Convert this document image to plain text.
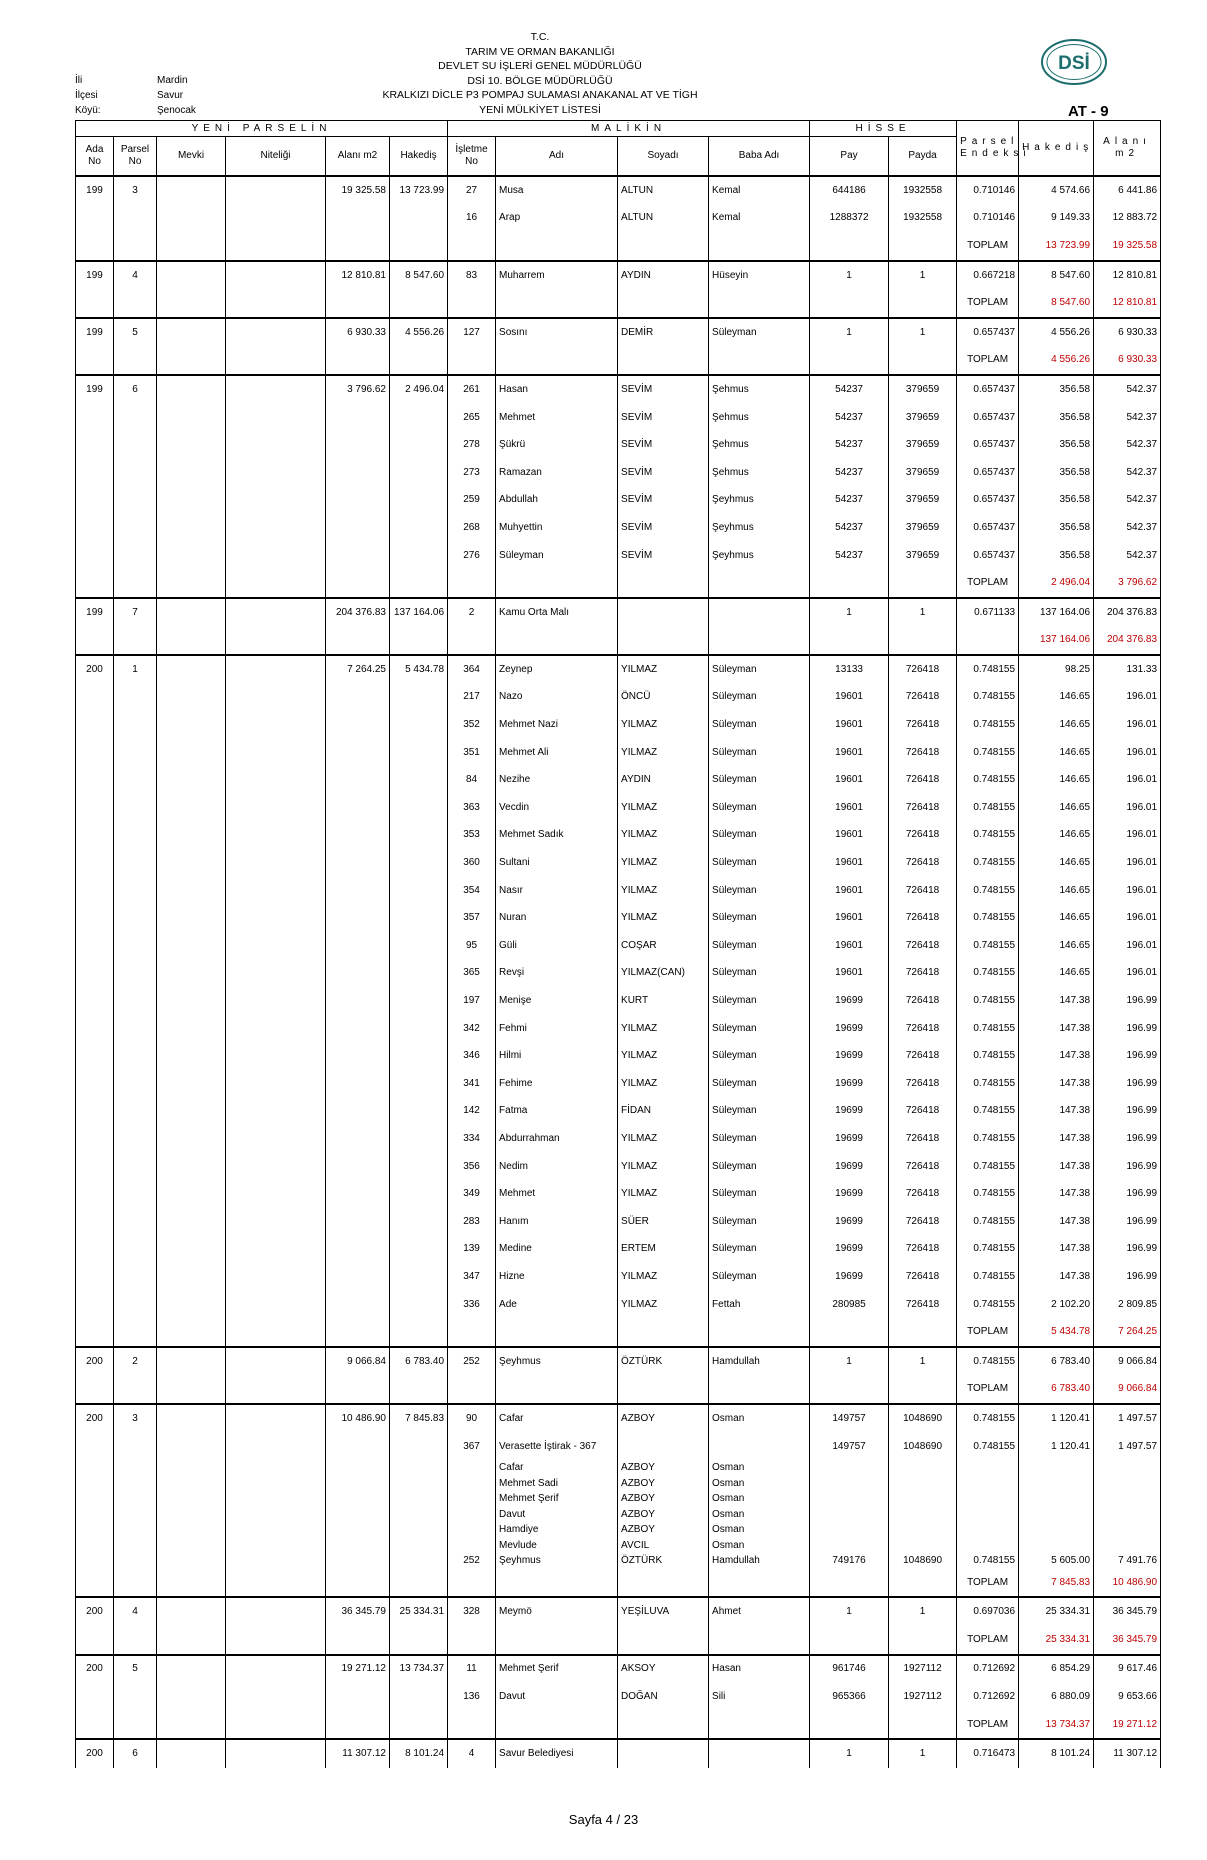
T.C.
TARIM VE ORMAN BAKANLIĞI
DEVLET SU İŞLERİ GENEL MÜDÜRLÜĞÜ
DSİ 10. BÖLGE MÜDÜRLÜĞÜ
KRALKIZI DİCLE P3 POMPAJ SULAMASI ANAKANAL AT VE TİGH
YENİ MÜLKİYET LİSTESİ
İli	Mardin
İlçesi	Savur
Köyü:	Şenocak
DSİ
AT - 9
YENİ PARSELİN						MALİKİN				HİSSE		Parsel Endeksi	Hakediş	Alanı m2
Ada No	Parsel No	Mevki	Niteliği	Alanı m2	Hakediş	İşletme No	Adı	Soyadı	Baba Adı	Pay	Payda			
199	3			19 325.58	13 723.99	27	Musa	ALTUN	Kemal	644186	1932558	0.710146	4 574.66	6 441.86
						16	Arap	ALTUN	Kemal	1288372	1932558	0.710146	9 149.33	12 883.72
												TOPLAM	13 723.99	19 325.58
199	4			12 810.81	8 547.60	83	Muharrem	AYDIN	Hüseyin	1	1	0.667218	8 547.60	12 810.81
												TOPLAM	8 547.60	12 810.81
199	5			6 930.33	4 556.26	127	Sosını	DEMİR	Süleyman	1	1	0.657437	4 556.26	6 930.33
												TOPLAM	4 556.26	6 930.33
199	6			3 796.62	2 496.04	261	Hasan	SEVİM	Şehmus	54237	379659	0.657437	356.58	542.37
						265	Mehmet	SEVİM	Şehmus	54237	379659	0.657437	356.58	542.37
						278	Şükrü	SEVİM	Şehmus	54237	379659	0.657437	356.58	542.37
						273	Ramazan	SEVİM	Şehmus	54237	379659	0.657437	356.58	542.37
						259	Abdullah	SEVİM	Şeyhmus	54237	379659	0.657437	356.58	542.37
						268	Muhyettin	SEVİM	Şeyhmus	54237	379659	0.657437	356.58	542.37
						276	Süleyman	SEVİM	Şeyhmus	54237	379659	0.657437	356.58	542.37
												TOPLAM	2 496.04	3 796.62
199	7			204 376.83	137 164.06	2	Kamu Orta Malı			1	1	0.671133	137 164.06	204 376.83
													137 164.06	204 376.83
200	1			7 264.25	5 434.78	364	Zeynep	YILMAZ	Süleyman	13133	726418	0.748155	98.25	131.33
						217	Nazo	ÖNCÜ	Süleyman	19601	726418	0.748155	146.65	196.01
						352	Mehmet Nazi	YILMAZ	Süleyman	19601	726418	0.748155	146.65	196.01
						351	Mehmet Ali	YILMAZ	Süleyman	19601	726418	0.748155	146.65	196.01
						84	Nezihe	AYDIN	Süleyman	19601	726418	0.748155	146.65	196.01
						363	Vecdin	YILMAZ	Süleyman	19601	726418	0.748155	146.65	196.01
						353	Mehmet Sadık	YILMAZ	Süleyman	19601	726418	0.748155	146.65	196.01
						360	Sultani	YILMAZ	Süleyman	19601	726418	0.748155	146.65	196.01
						354	Nasır	YILMAZ	Süleyman	19601	726418	0.748155	146.65	196.01
						357	Nuran	YILMAZ	Süleyman	19601	726418	0.748155	146.65	196.01
						95	Güli	COŞAR	Süleyman	19601	726418	0.748155	146.65	196.01
						365	Revşi	YILMAZ(CAN)	Süleyman	19601	726418	0.748155	146.65	196.01
						197	Menişe	KURT	Süleyman	19699	726418	0.748155	147.38	196.99
						342	Fehmi	YILMAZ	Süleyman	19699	726418	0.748155	147.38	196.99
						346	Hilmi	YILMAZ	Süleyman	19699	726418	0.748155	147.38	196.99
						341	Fehime	YILMAZ	Süleyman	19699	726418	0.748155	147.38	196.99
						142	Fatma	FİDAN	Süleyman	19699	726418	0.748155	147.38	196.99
						334	Abdurrahman	YILMAZ	Süleyman	19699	726418	0.748155	147.38	196.99
						356	Nedim	YILMAZ	Süleyman	19699	726418	0.748155	147.38	196.99
						349	Mehmet	YILMAZ	Süleyman	19699	726418	0.748155	147.38	196.99
						283	Hanım	SÜER	Süleyman	19699	726418	0.748155	147.38	196.99
						139	Medine	ERTEM	Süleyman	19699	726418	0.748155	147.38	196.99
						347	Hizne	YILMAZ	Süleyman	19699	726418	0.748155	147.38	196.99
						336	Ade	YILMAZ	Fettah	280985	726418	0.748155	2 102.20	2 809.85
												TOPLAM	5 434.78	7 264.25
200	2			9 066.84	6 783.40	252	Şeyhmus	ÖZTÜRK	Hamdullah	1	1	0.748155	6 783.40	9 066.84
												TOPLAM	6 783.40	9 066.84
200	3			10 486.90	7 845.83	90	Cafar	AZBOY	Osman	149757	1048690	0.748155	1 120.41	1 497.57
						367	Verasette İştirak - 367			149757	1048690	0.748155	1 120.41	1 497.57
							Cafar	AZBOY	Osman					
							Mehmet Sadi	AZBOY	Osman					
							Mehmet Şerif	AZBOY	Osman					
							Davut	AZBOY	Osman					
							Hamdiye	AZBOY	Osman					
							Mevlude	AVCIL	Osman					
						252	Şeyhmus	ÖZTÜRK	Hamdullah	749176	1048690	0.748155	5 605.00	7 491.76
												TOPLAM	7 845.83	10 486.90
200	4			36 345.79	25 334.31	328	Meymö	YEŞİLUVA	Ahmet	1	1	0.697036	25 334.31	36 345.79
												TOPLAM	25 334.31	36 345.79
200	5			19 271.12	13 734.37	11	Mehmet Şerif	AKSOY	Hasan	961746	1927112	0.712692	6 854.29	9 617.46
						136	Davut	DOĞAN	Sili	965366	1927112	0.712692	6 880.09	9 653.66
												TOPLAM	13 734.37	19 271.12
200	6			11 307.12	8 101.24	4	Savur Belediyesi			1	1	0.716473	8 101.24	11 307.12
Sayfa 4 / 23
